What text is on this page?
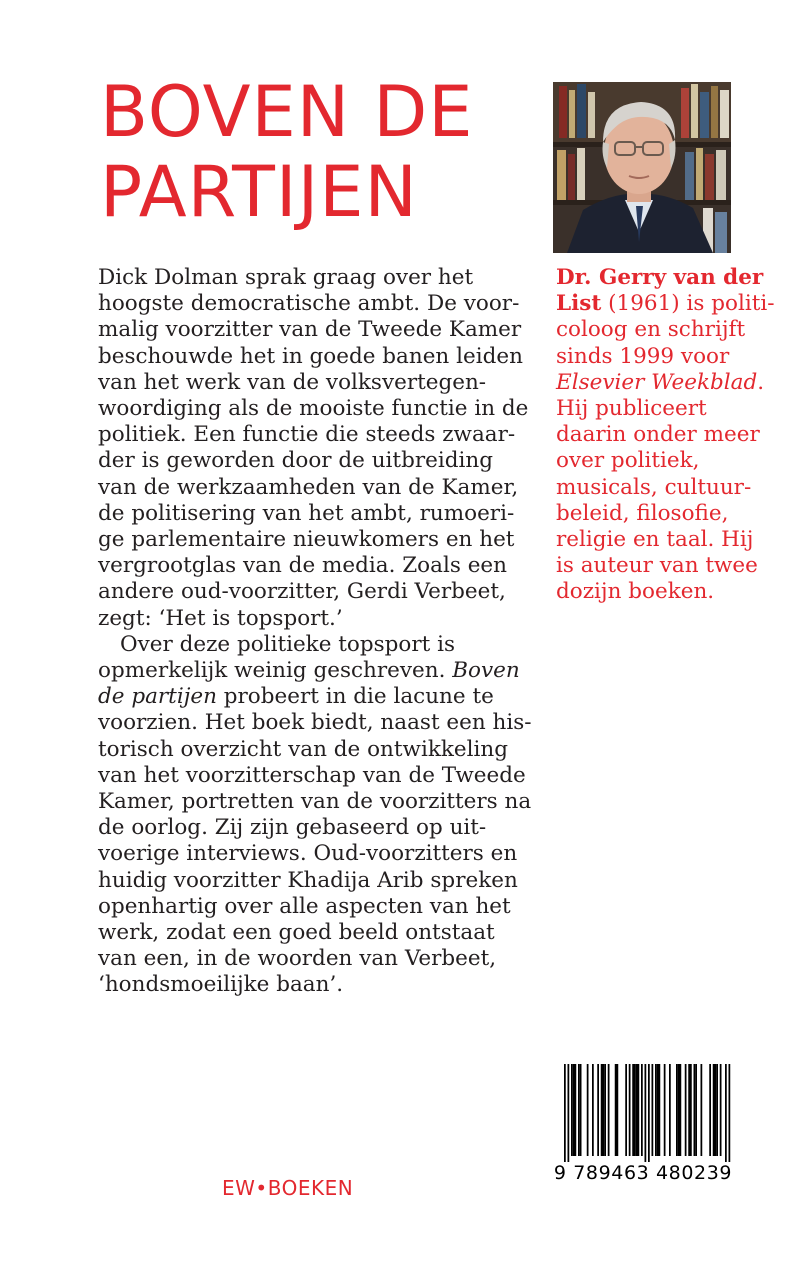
BOVEN DE
PARTIJEN

Dick Dolman sprak graag over het
hoogste democratische ambt. De voor-
malig voorzitter van de Tweede Kamer
beschouwde het in goede banen leiden
van het werk van de volksvertegen-
woordiging als de mooiste functie in de
politiek. Een functie die steeds zwaar-
der is geworden door de uitbreiding
van de werkzaamheden van de Kamer,
de politisering van het ambt, rumoeri-
ge parlementaire nieuwkomers en het
vergrootglas van de media. Zoals een
andere oud-voorzitter, Gerdi Verbeet,
zegt: ‘Het is topsport.’

Over deze politieke topsport is
opmerkelijk weinig geschreven. Boven
de partijen probeert in die lacune te
voorzien. Het boek biedt, naast een his-
torisch overzicht van de ontwikkeling
van het voorzitterschap van de Tweede
Kamer, portretten van de voorzitters na
de oorlog. Zij zijn gebaseerd op uit-
voerige interviews. Oud-voorzitters en
huidig voorzitter Khadija Arib spreken
openhartig over alle aspecten van het
werk, zodat een goed beeld ontstaat
van een, in de woorden van Verbeet,
‘hondsmoeilijke baan’.

Dr. Gerry van der
List (1961) is politi-
coloog en schrijft
sinds 1999 voor
Elsevier Weekblad.
Hij publiceert
daarin onder meer
over politiek,
musicals, cultuur-
beleid, filosofie,
religie en taal. Hij
is auteur van twee
dozijn boeken.
EW•BOEKEN
9 789463 480239
